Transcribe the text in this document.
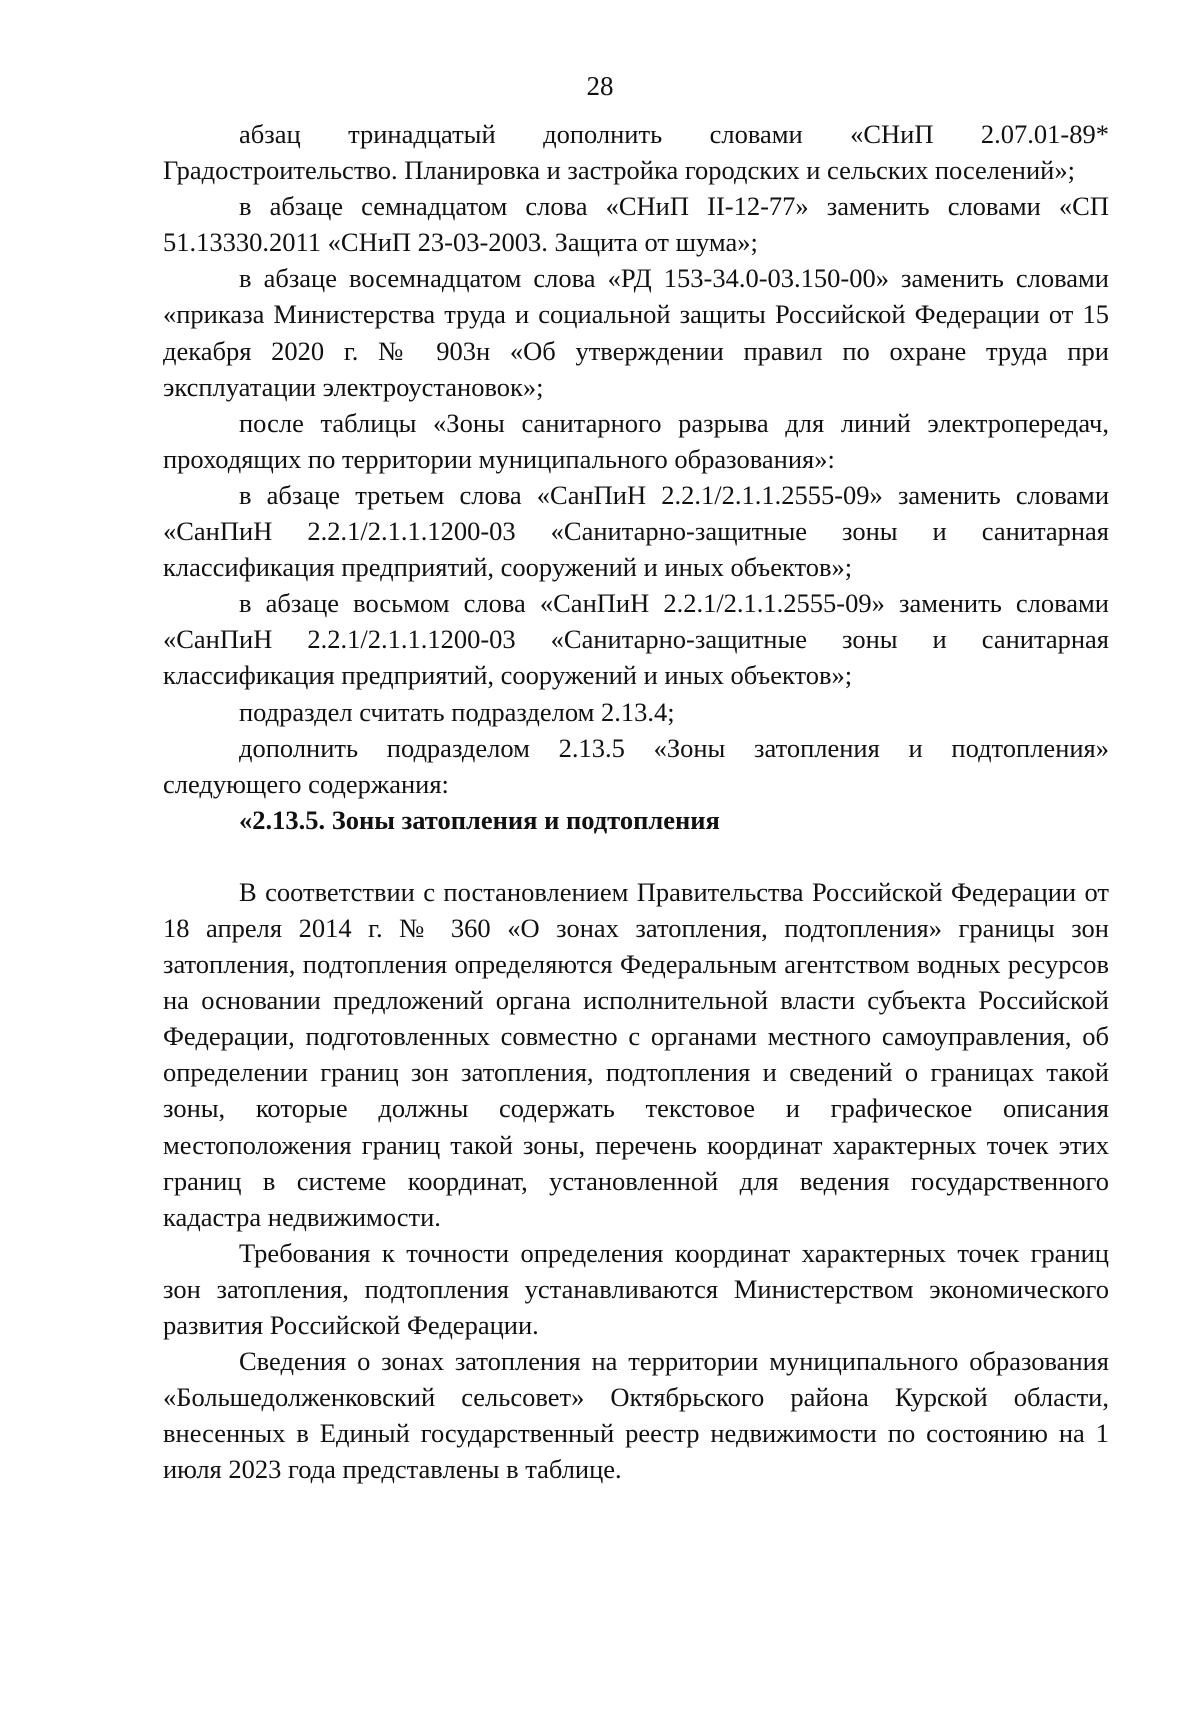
28

абзац тринадцатый дополнить словами «СНиП 2.07.01-89* Градостроительство. Планировка и застройка городских и сельских поселений»;

в абзаце семнадцатом слова «СНиП II-12-77» заменить словами «СП 51.13330.2011 «СНиП 23-03-2003. Защита от шума»;

в абзаце восемнадцатом слова «РД 153-34.0-03.150-00» заменить словами «приказа Министерства труда и социальной защиты Российской Федерации от 15 декабря 2020 г. № 903н «Об утверждении правил по охране труда при эксплуатации электроустановок»;

после таблицы «Зоны санитарного разрыва для линий электропередач, проходящих по территории муниципального образования»:

в абзаце третьем слова «СанПиН 2.2.1/2.1.1.2555-09» заменить словами «СанПиН 2.2.1/2.1.1.1200-03 «Санитарно-защитные зоны и санитарная классификация предприятий, сооружений и иных объектов»;

в абзаце восьмом слова «СанПиН 2.2.1/2.1.1.2555-09» заменить словами «СанПиН 2.2.1/2.1.1.1200-03 «Санитарно-защитные зоны и санитарная классификация предприятий, сооружений и иных объектов»;

подраздел считать подразделом 2.13.4;

дополнить подразделом 2.13.5 «Зоны затопления и подтопления» следующего содержания:

«2.13.5. Зоны затопления и подтопления

В соответствии с постановлением Правительства Российской Федерации от 18 апреля 2014 г. № 360 «О зонах затопления, подтопления» границы зон затопления, подтопления определяются Федеральным агентством водных ресурсов на основании предложений органа исполнительной власти субъекта Российской Федерации, подготовленных совместно с органами местного самоуправления, об определении границ зон затопления, подтопления и сведений о границах такой зоны, которые должны содержать текстовое и графическое описания местоположения границ такой зоны, перечень координат характерных точек этих границ в системе координат, установленной для ведения государственного кадастра недвижимости.

Требования к точности определения координат характерных точек границ зон затопления, подтопления устанавливаются Министерством экономического развития Российской Федерации.

Сведения о зонах затопления на территории муниципального образования «Большедолженковский сельсовет» Октябрьского района Курской области, внесенных в Единый государственный реестр недвижимости по состоянию на 1 июля 2023 года представлены в таблице.
